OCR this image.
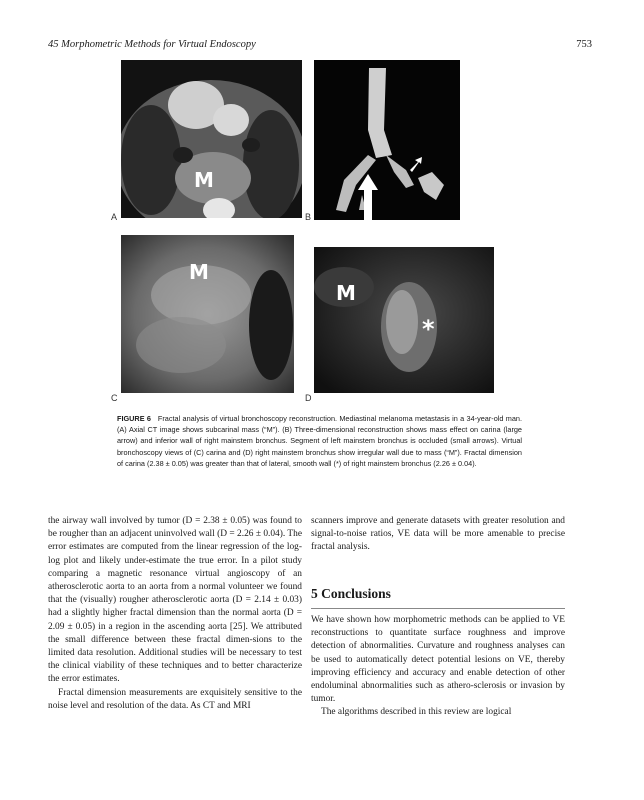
45 Morphometric Methods for Virtual Endoscopy	753
M
A	B
M
C
M
*
D
FIGURE 6 Fractal analysis of virtual bronchoscopy reconstruction. Mediastinal melanoma metastasis in a 34-year-old man. (A) Axial CT image shows subcarinal mass (“M”). (B) Three-dimensional reconstruction shows mass effect on carina (large arrow) and inferior wall of right mainstem bronchus. Segment of left mainstem bronchus is occluded (small arrows). Virtual bronchoscopy views of (C) carina and (D) right mainstem bronchus show irregular wall due to mass (“M”). Fractal dimension of carina (2.38 ± 0.05) was greater than that of lateral, smooth wall (*) of right mainstem bronchus (2.26 ± 0.04).

the airway wall involved by tumor (D = 2.38 ± 0.05) was found to be rougher than an adjacent uninvolved wall (D = 2.26 ± 0.04). The error estimates are computed from the linear regression of the log-log plot and likely under-estimate the true error. In a pilot study comparing a magnetic resonance virtual angioscopy of an atherosclerotic aorta to an aorta from a normal volunteer we found that the (visually) rougher atherosclerotic aorta (D = 2.14 ± 0.03) had a slightly higher fractal dimension than the normal aorta (D = 2.09 ± 0.05) in a region in the ascending aorta [25]. We attributed the small difference between these fractal dimen-sions to the limited data resolution. Additional studies will be necessary to test the clinical viability of these techniques and to better characterize the error estimates.

Fractal dimension measurements are exquisitely sensitive to the noise level and resolution of the data. As CT and MRI

scanners improve and generate datasets with greater resolution and signal-to-noise ratios, VE data will be more amenable to precise fractal analysis.

5 Conclusions

We have shown how morphometric methods can be applied to VE reconstructions to quantitate surface roughness and improve detection of abnormalities. Curvature and roughness analyses can be used to automatically detect potential lesions on VE, thereby improving efficiency and accuracy and enable detection of other endoluminal abnormalities such as athero-sclerosis or invasion by tumor.

The algorithms described in this review are logical
